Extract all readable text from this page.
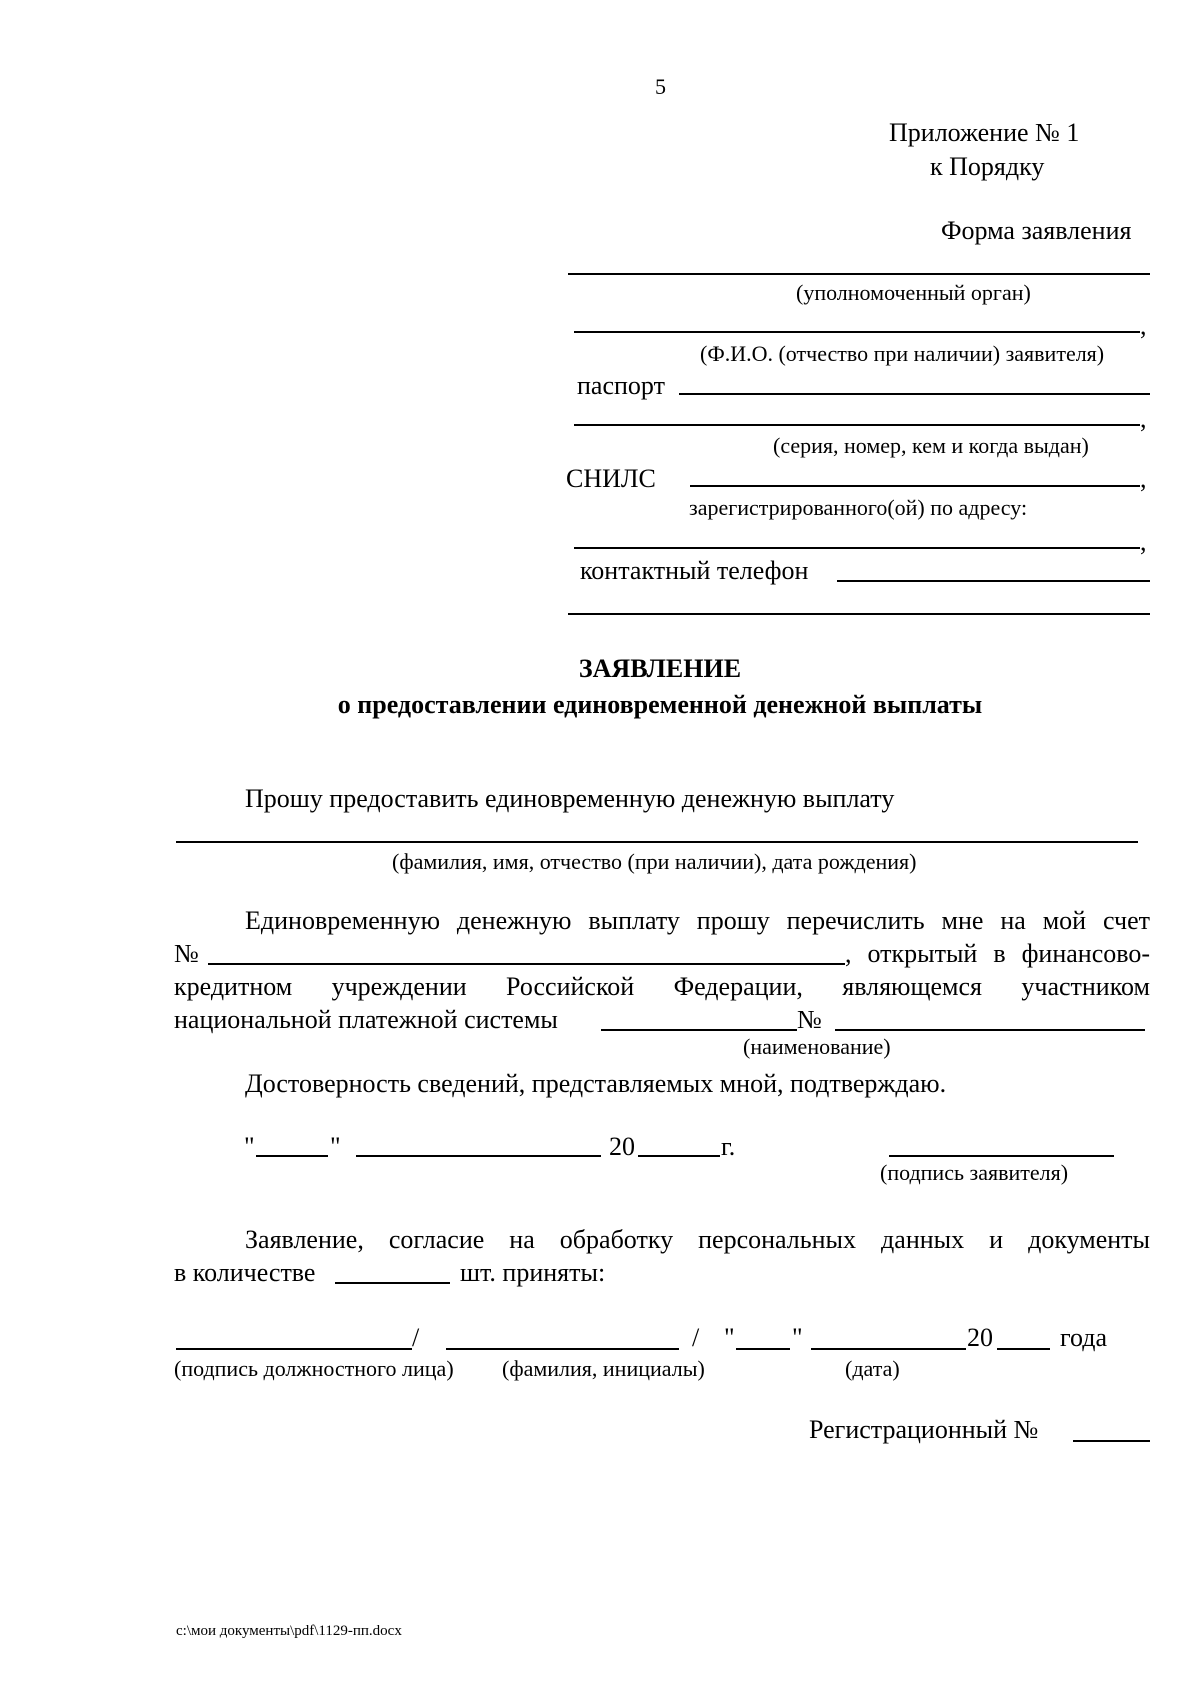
5
Приложение № 1
к Порядку
Форма заявления
(уполномоченный орган)
,
(Ф.И.О. (отчество при наличии) заявителя)
паспорт
,
(серия, номер, кем и когда выдан)
СНИЛС	,
зарегистрированного(ой) по адресу:
,
контактный телефон
ЗАЯВЛЕНИЕ
о предоставлении единовременной денежной выплаты
Прошу предоставить единовременную денежную выплату
(фамилия, имя, отчество (при наличии), дата рождения)
Единовременную денежную выплату прошу перечислить мне на мой счет
№	, открытый в финансово-
кредитном учреждении Российской Федерации, являющемся участником
национальной платежной системы	№
(наименование)
Достоверность сведений, представляемых мной, подтверждаю.
"	"	20	г.
(подпись заявителя)
Заявление, согласие на обработку персональных данных и документы
в количестве	шт. приняты:
/	/ " "	20	года
(подпись должностного лица) (фамилия, инициалы)	(дата)
Регистрационный №
c:\мои документы\pdf\1129-пп.docx
